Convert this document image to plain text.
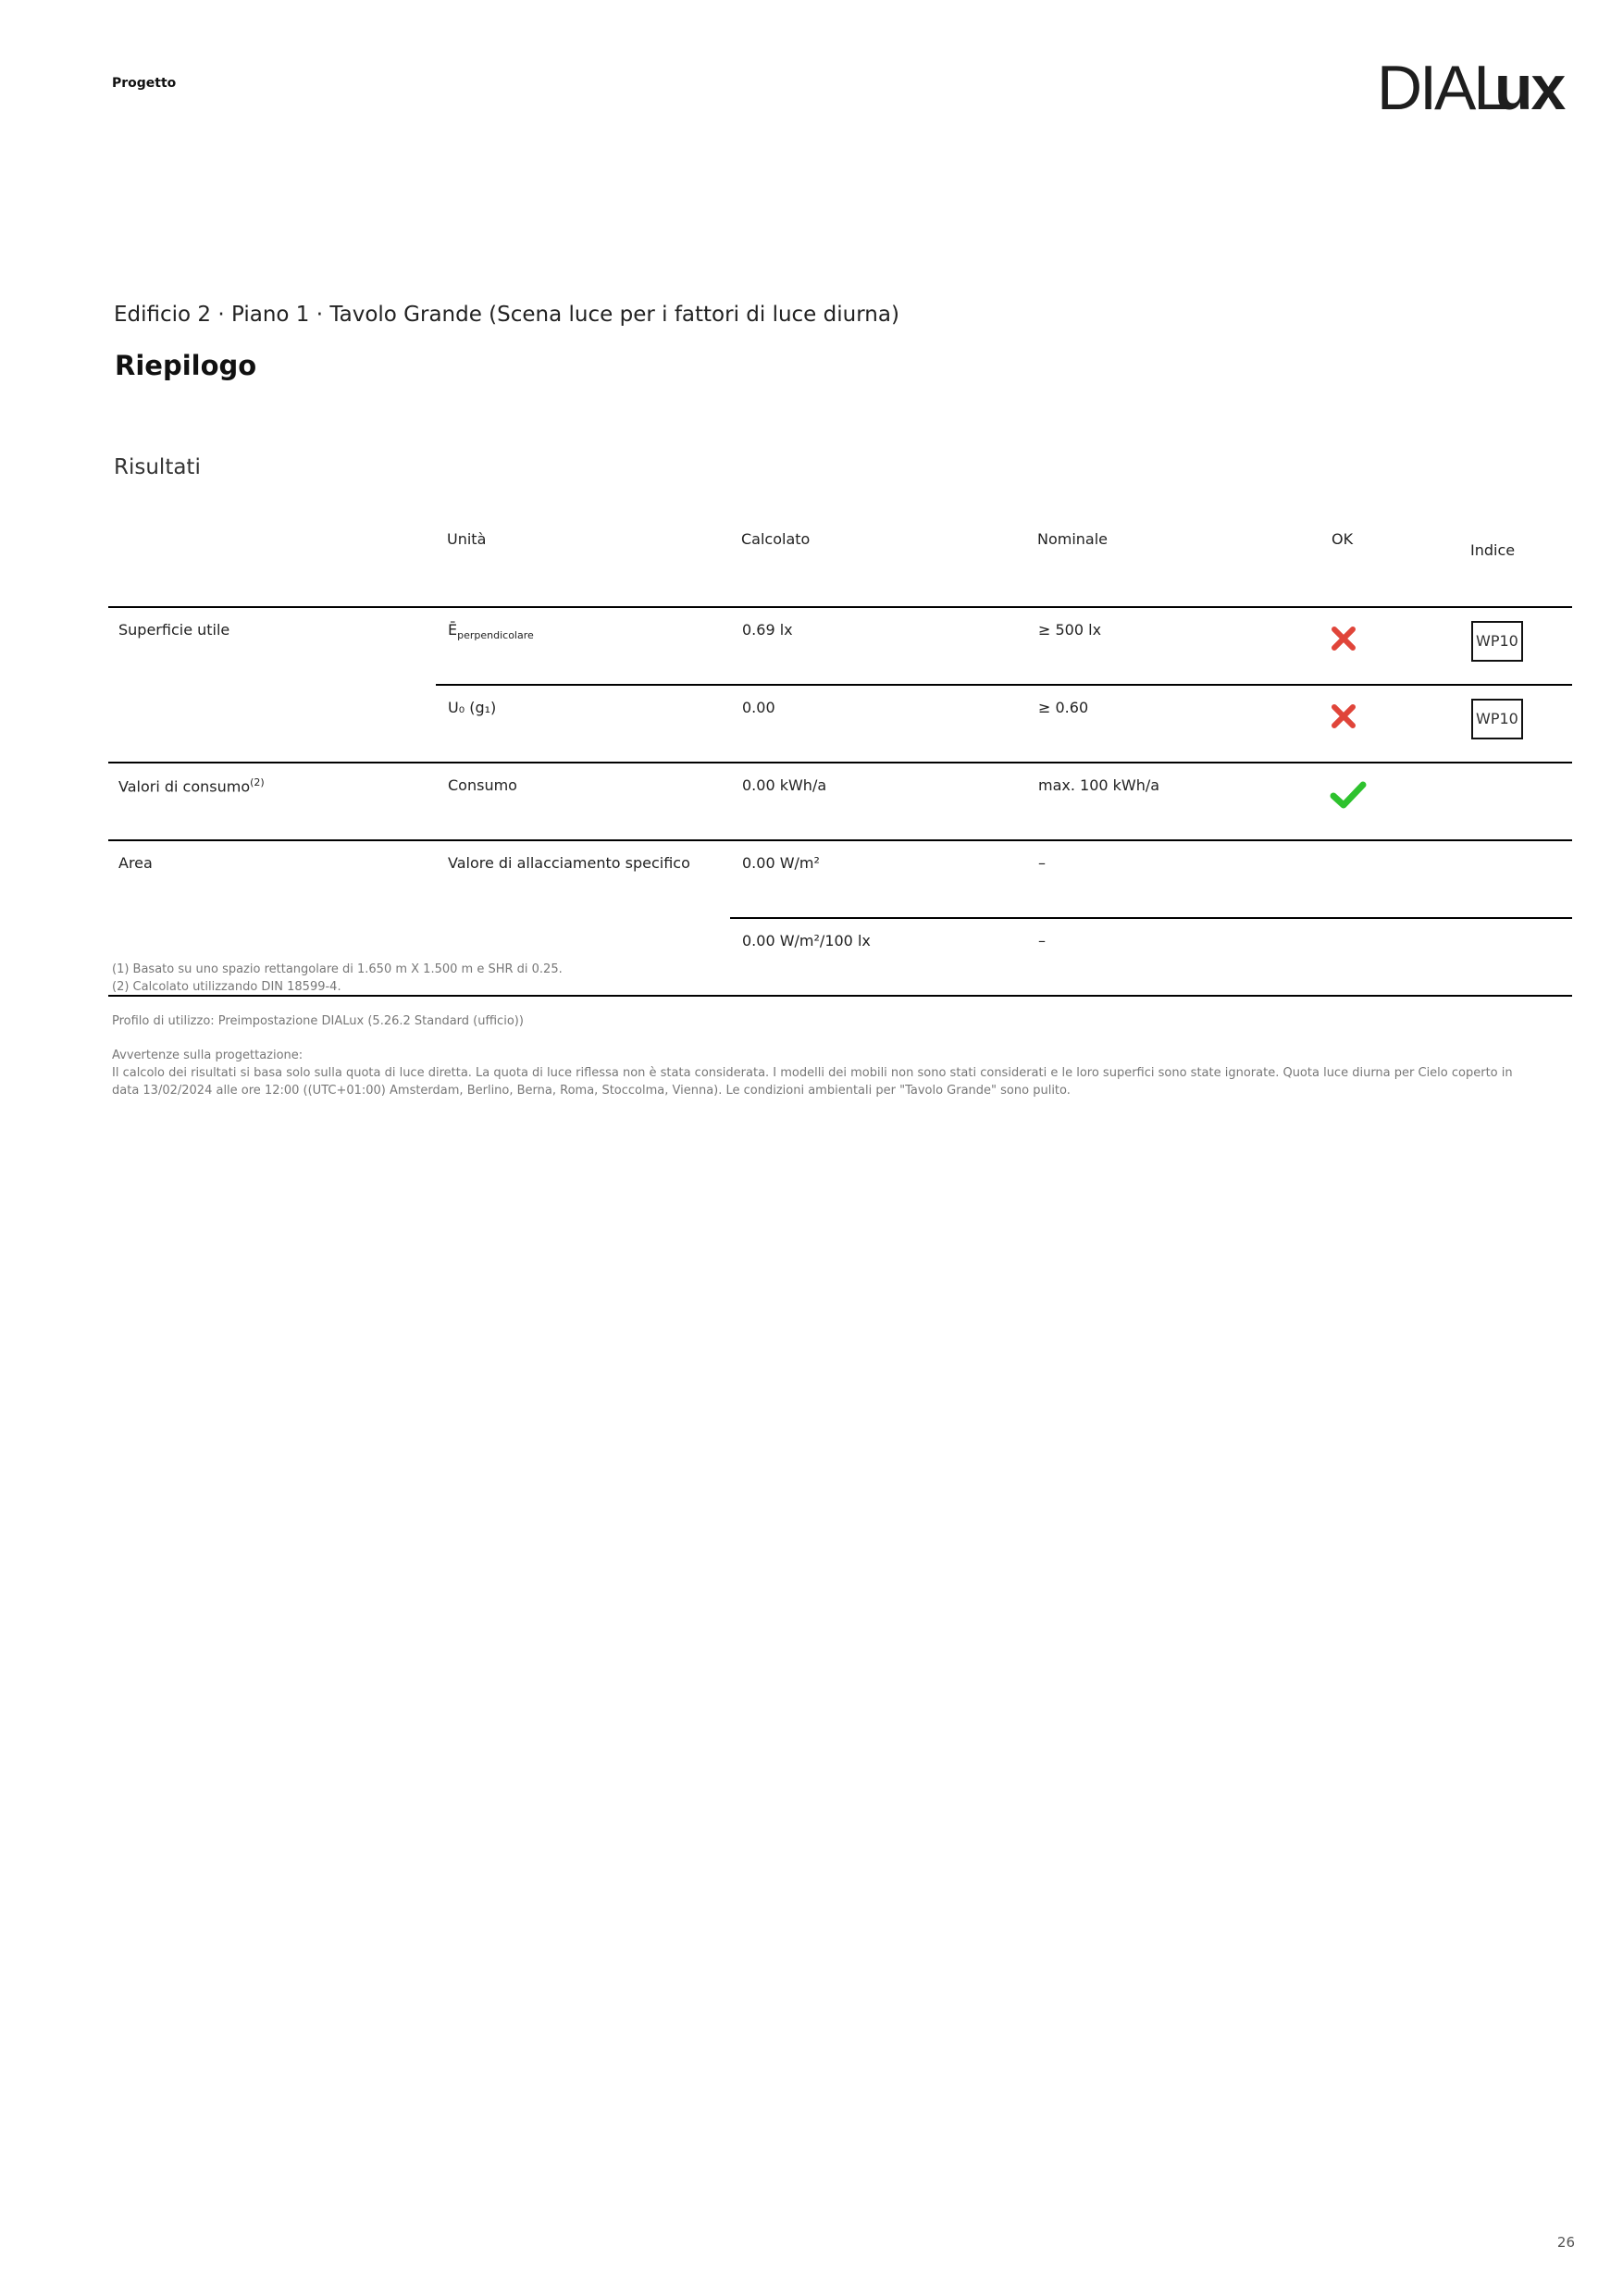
Progetto	DIAL
ux
Edificio 2 · Piano 1 · Tavolo Grande (Scena luce per i fattori di luce diurna)
Riepilogo
Risultati
	Unità	Calcolato	Nominale	OK	Indice
Superficie utile	$Ē_{perpendicolare}$	0.69 lx	≥ 500 lx		WP10
	U₀ (g₁)	0.00	≥ 0.60		WP10
Valori di consumo$^{(2)}$	Consumo	0.00 kWh/a	max. 100 kWh/a		
Area	Valore di allacciamento specifico	0.00 W/m²	–		
		0.00 W/m²/100 lx	–		

(1) Basato su uno spazio rettangolare di 1.650 m X 1.500 m e SHR di 0.25.

(2) Calcolato utilizzando DIN 18599-4.

Profilo di utilizzo: Preimpostazione DIALux (5.26.2 Standard (ufficio))

Avvertenze sulla progettazione:

Il calcolo dei risultati si basa solo sulla quota di luce diretta. La quota di luce riflessa non è stata considerata. I modelli dei mobili non sono stati considerati e le loro superfici sono state ignorate. Quota luce diurna per Cielo coperto in data 13/02/2024 alle ore 12:00 ((UTC+01:00) Amsterdam, Berlino, Berna, Roma, Stoccolma, Vienna). Le condizioni ambientali per "Tavolo Grande" sono pulito.

26
